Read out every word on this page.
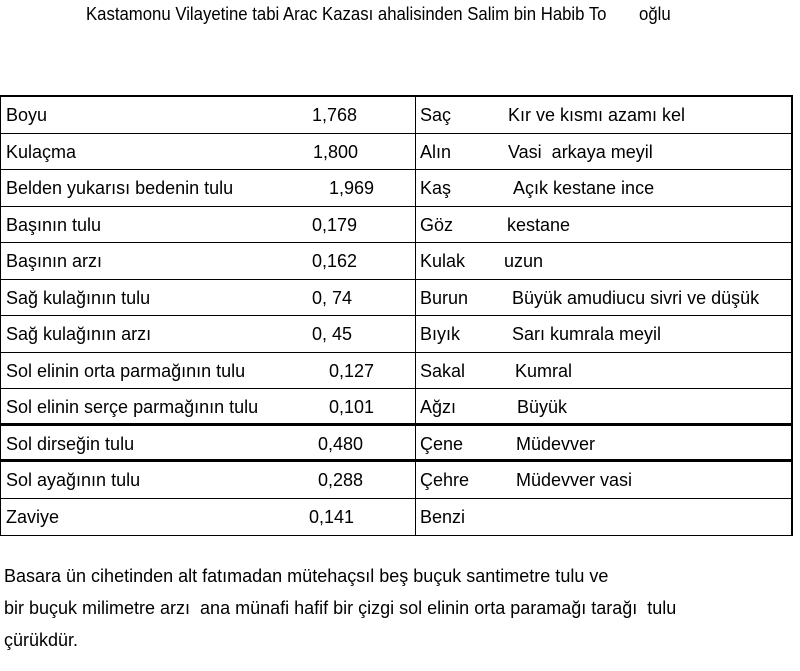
Kastamonu Vilayetine tabi Arac Kazası ahalisinden Salim bin Habib To       oğlu
Boyu	1,768	Saç	Kır ve kısmı azamı kel
Kulaçma	1,800	Alın	Vasi  arkaya meyil
Belden yukarısı bedenin tulu	1,969	Kaş	Açık kestane ince
Başının tulu	0,179	Göz	kestane
Başının arzı	0,162	Kulak	uzun
Sağ kulağının tulu	0, 74	Burun	Büyük amudiucu sivri ve düşük
Sağ kulağının arzı	0, 45	Bıyık	Sarı kumrala meyil
Sol elinin orta parmağının tulu	0,127	Sakal	Kumral
Sol elinin serçe parmağının tulu	0,101	Ağzı	Büyük
Sol dirseğin tulu	0,480	Çene	Müdevver
Sol ayağının tulu	0,288	Çehre	Müdevver vasi
Zaviye	0,141	Benzi
Basara ün cihetinden alt fatımadan mütehaçsıl beş buçuk santimetre tulu ve
bir buçuk milimetre arzı  ana münafi hafif bir çizgi sol elinin orta paramağı tarağı  tulu
çürükdür.
